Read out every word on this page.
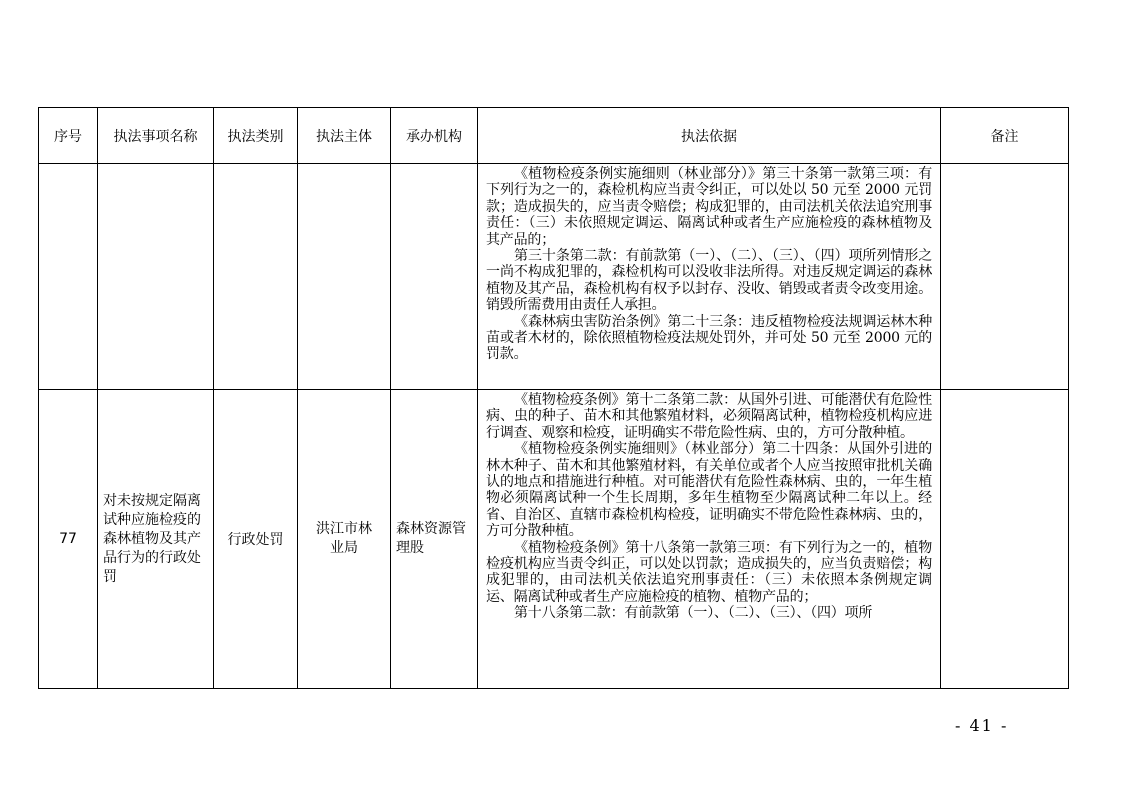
序号	执法事项名称	执法类别	执法主体	承办机构	执法依据	备注

					《植物检疫条例实施细则（林业部分）》第三十条第一款第三项：有下列行为之一的，森检机构应当责令纠正，可以处以 50 元至 2000 元罚款；造成损失的，应当责令赔偿；构成犯罪的，由司法机关依法追究刑事责任：（三）未依照规定调运、隔离试种或者生产应施检疫的森林植物及其产品的；

第三十条第二款：有前款第（一）、（二）、（三）、（四）项所列情形之一尚不构成犯罪的，森检机构可以没收非法所得。对违反规定调运的森林植物及其产品，森检机构有权予以封存、没收、销毁或者责令改变用途。销毁所需费用由责任人承担。

《森林病虫害防治条例》第二十三条：违反植物检疫法规调运林木种苗或者木材的，除依照植物检疫法规处罚外，并可处 50 元至 2000 元的罚款。	

77	对未按规定隔离试种应施检疫的森林植物及其产品行为的行政处罚	行政处罚	洪江市林业局	森林资源管理股	《植物检疫条例》第十二条第二款：从国外引进、可能潜伏有危险性病、虫的种子、苗木和其他繁殖材料，必须隔离试种，植物检疫机构应进行调查、观察和检疫，证明确实不带危险性病、虫的，方可分散种植。

《植物检疫条例实施细则》（林业部分）第二十四条：从国外引进的林木种子、苗木和其他繁殖材料，有关单位或者个人应当按照审批机关确认的地点和措施进行种植。对可能潜伏有危险性森林病、虫的，一年生植物必须隔离试种一个生长周期，多年生植物至少隔离试种二年以上。经省、自治区、直辖市森检机构检疫，证明确实不带危险性森林病、虫的，方可分散种植。

《植物检疫条例》第十八条第一款第三项：有下列行为之一的，植物检疫机构应当责令纠正，可以处以罚款；造成损失的，应当负责赔偿；构成犯罪的，由司法机关依法追究刑事责任：（三）未依照本条例规定调运、隔离试种或者生产应施检疫的植物、植物产品的；

第十八条第二款：有前款第（一）、（二）、（三）、（四）项所	

- 41 -
